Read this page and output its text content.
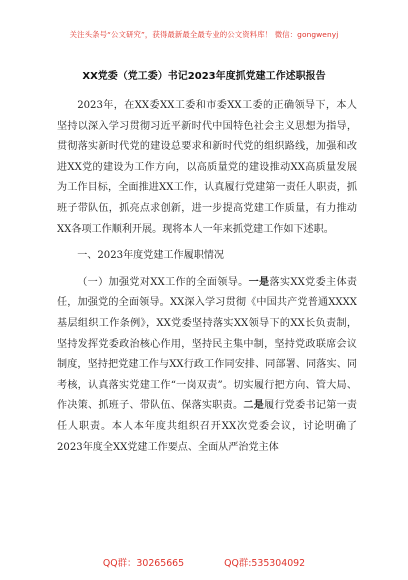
关注头条号“公文研究”，获得最新最全最专业的公文资料库！ 微信：gongwenyj
XX党委（党工委）书记2023年度抓党建工作述职报告

2023年，在XX委XX工委和市委XX工委的正确领导下，本人坚持以深入学习贯彻习近平新时代中国特色社会主义思想为指导，贯彻落实新时代党的建设总要求和新时代党的组织路线，加强和改进XX党的建设为工作方向，以高质量党的建设推动XX高质量发展为工作目标，全面推进XX工作，认真履行党建第一责任人职责，抓班子带队伍，抓亮点求创新，进一步提高党建工作质量，有力推动XX各项工作顺利开展。现将本人一年来抓党建工作如下述职。

一、2023年度党建工作履职情况

（一）加强党对XX工作的全面领导。一是落实XX党委主体责任，加强党的全面领导。XX深入学习贯彻《中国共产党普通XXXX基层组织工作条例》，XX党委坚持落实XX领导下的XX长负责制，坚持发挥党委政治核心作用，坚持民主集中制，坚持党政联席会议制度，坚持把党建工作与XX行政工作同安排、同部署、同落实、同考核，认真落实党建工作“一岗双责”。切实履行把方向、管大局、作决策、抓班子、带队伍、保落实职责。二是履行党委书记第一责任人职责。本人本年度共组织召开XX次党委会议，讨论明确了2023年度全XX党建工作要点、全面从严治党主体

QQ群：30265665	QQ群:535304092
